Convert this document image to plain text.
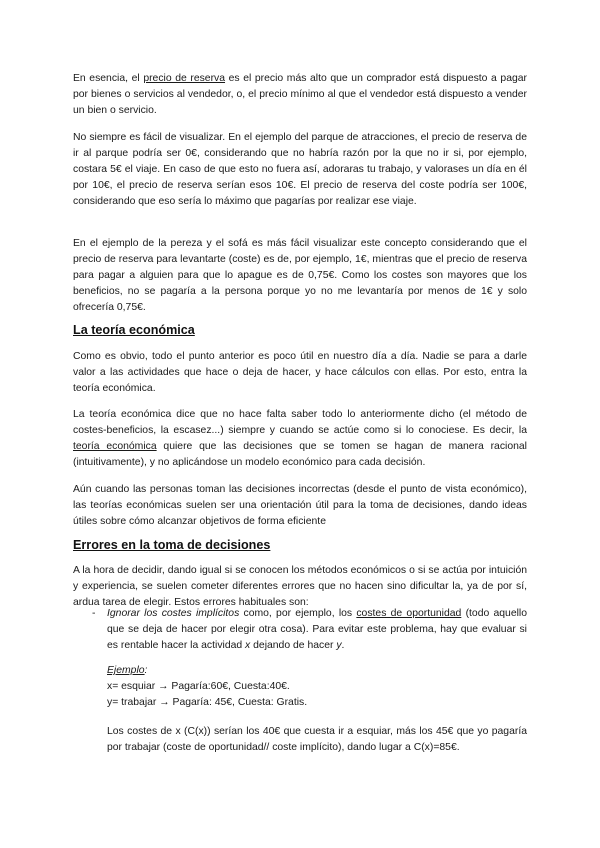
En esencia, el precio de reserva es el precio más alto que un comprador está dispuesto a pagar por bienes o servicios al vendedor, o, el precio mínimo al que el vendedor está dispuesto a vender un bien o servicio.

No siempre es fácil de visualizar. En el ejemplo del parque de atracciones, el precio de reserva de ir al parque podría ser 0€, considerando que no habría razón por la que no ir si, por ejemplo, costara 5€ el viaje. En caso de que esto no fuera así, adoraras tu trabajo, y valorases un día en él por 10€, el precio de reserva serían esos 10€. El precio de reserva del coste podría ser 100€, considerando que eso sería lo máximo que pagarías por realizar ese viaje.

En el ejemplo de la pereza y el sofá es más fácil visualizar este concepto considerando que el precio de reserva para levantarte (coste) es de, por ejemplo, 1€, mientras que el precio de reserva para pagar a alguien para que lo apague es de 0,75€. Como los costes son mayores que los beneficios, no se pagaría a la persona porque yo no me levantaría por menos de 1€ y solo ofrecería 0,75€.

La teoría económica

Como es obvio, todo el punto anterior es poco útil en nuestro día a día. Nadie se para a darle valor a las actividades que hace o deja de hacer, y hace cálculos con ellas. Por esto, entra la teoría económica.

La teoría económica dice que no hace falta saber todo lo anteriormente dicho (el método de costes-beneficios, la escasez...) siempre y cuando se actúe como si lo conociese. Es decir, la teoría económica quiere que las decisiones que se tomen se hagan de manera racional (intuitivamente), y no aplicándose un modelo económico para cada decisión.

Aún cuando las personas toman las decisiones incorrectas (desde el punto de vista económico), las teorías económicas suelen ser una orientación útil para la toma de decisiones, dando ideas útiles sobre cómo alcanzar objetivos de forma eficiente

Errores en la toma de decisiones

A la hora de decidir, dando igual si se conocen los métodos económicos o si se actúa por intuición y experiencia, se suelen cometer diferentes errores que no hacen sino dificultar la, ya de por sí, ardua tarea de elegir. Estos errores habituales son:

- Ignorar los costes implícitos como, por ejemplo, los costes de oportunidad (todo aquello que se deja de hacer por elegir otra cosa). Para evitar este problema, hay que evaluar si es rentable hacer la actividad x dejando de hacer y.

Ejemplo:
x= esquiar → Pagaría:60€, Cuesta:40€.
y= trabajar → Pagaría: 45€, Cuesta: Gratis.

Los costes de x (C(x)) serían los 40€ que cuesta ir a esquiar, más los 45€ que yo pagaría por trabajar (coste de oportunidad// coste implícito), dando lugar a C(x)=85€.
